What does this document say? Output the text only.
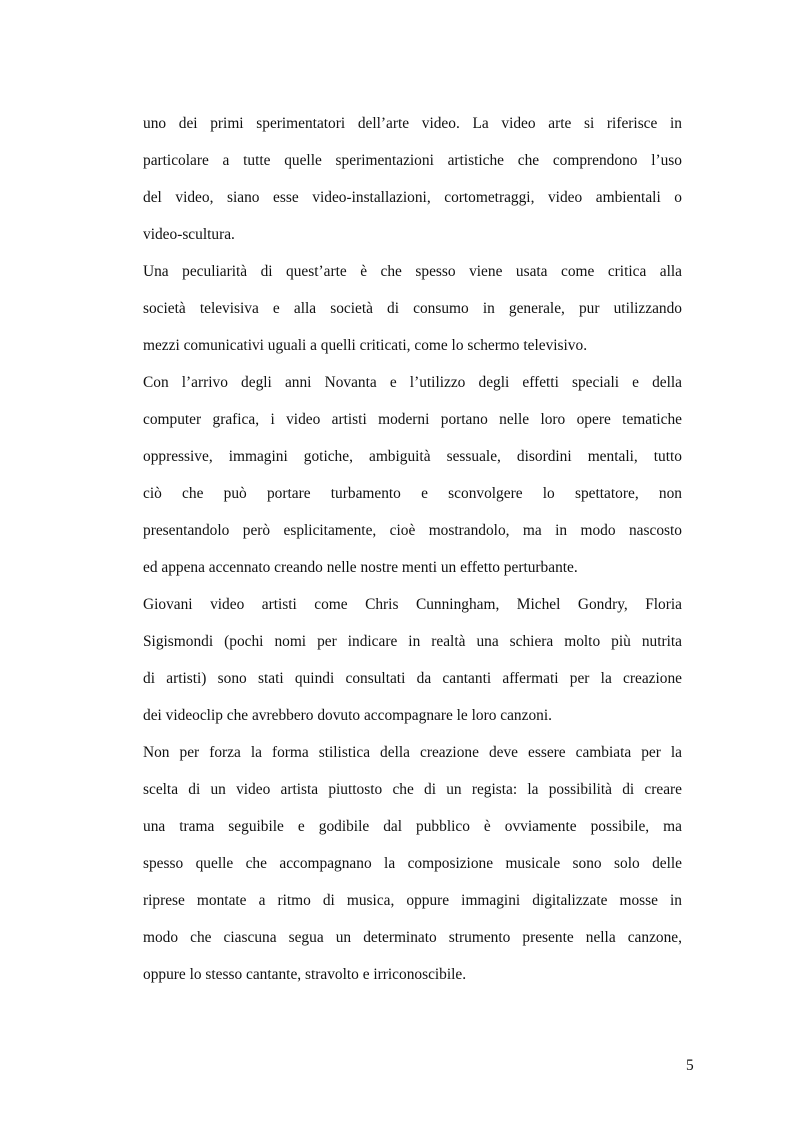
uno dei primi sperimentatori dell’arte video. La video arte si riferisce in
particolare a tutte quelle sperimentazioni artistiche che comprendono l’uso
del video, siano esse video-installazioni, cortometraggi, video ambientali o
video-scultura.
Una peculiarità di quest’arte è che spesso viene usata come critica alla
società televisiva e alla società di consumo in generale, pur utilizzando
mezzi comunicativi uguali a quelli criticati, come lo schermo televisivo.
Con l’arrivo degli anni Novanta e l’utilizzo degli effetti speciali e della
computer grafica, i video artisti moderni portano nelle loro opere tematiche
oppressive, immagini gotiche, ambiguità sessuale, disordini mentali, tutto
ciò che può portare turbamento e sconvolgere lo spettatore, non
presentandolo però esplicitamente, cioè mostrandolo, ma in modo nascosto
ed appena accennato creando nelle nostre menti un effetto perturbante.
Giovani video artisti come Chris Cunningham, Michel Gondry, Floria
Sigismondi (pochi nomi per indicare in realtà una schiera molto più nutrita
di artisti) sono stati quindi consultati da cantanti affermati per la creazione
dei videoclip che avrebbero dovuto accompagnare le loro canzoni.
Non per forza la forma stilistica della creazione deve essere cambiata per la
scelta di un video artista piuttosto che di un regista: la possibilità di creare
una trama seguibile e godibile dal pubblico è ovviamente possibile, ma
spesso quelle che accompagnano la composizione musicale sono solo delle
riprese montate a ritmo di musica, oppure immagini digitalizzate mosse in
modo che ciascuna segua un determinato strumento presente nella canzone,
oppure lo stesso cantante, stravolto e irriconoscibile.
5
